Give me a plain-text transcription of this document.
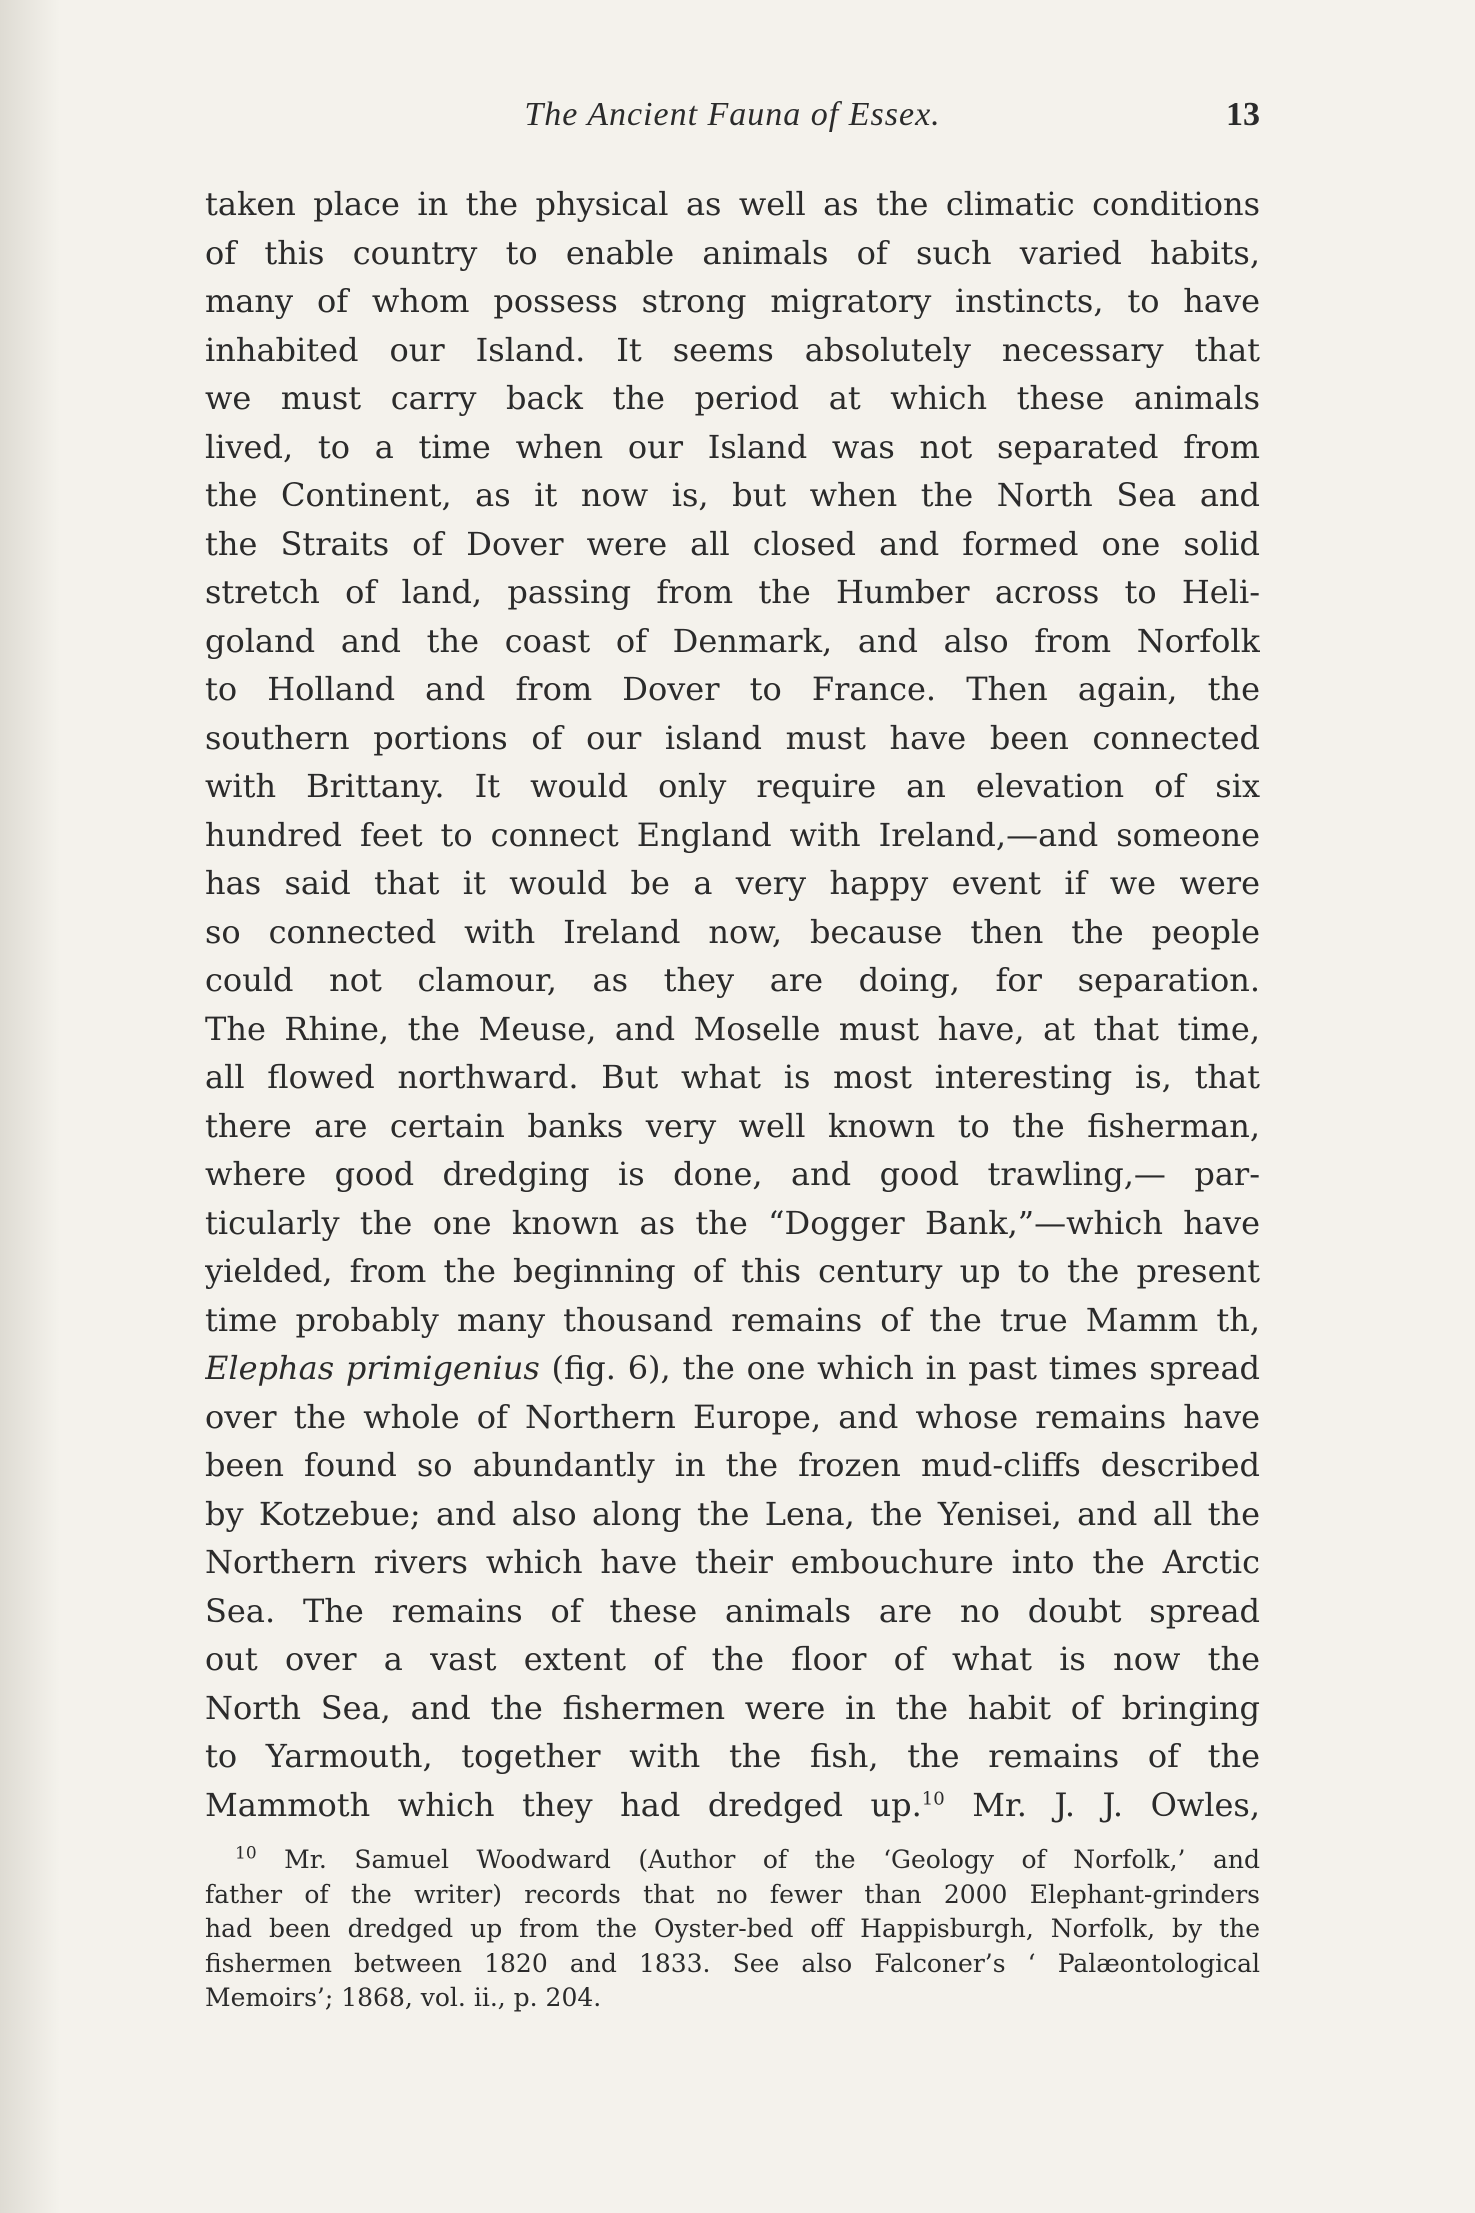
The Ancient Fauna of Essex.	13
taken place in the physical as well as the climatic conditions
of this country to enable animals of such varied habits,
many of whom possess strong migratory instincts, to have
inhabited our Island. It seems absolutely necessary that
we must carry back the period at which these animals
lived, to a time when our Island was not separated from
the Continent, as it now is, but when the North Sea and
the Straits of Dover were all closed and formed one solid
stretch of land, passing from the Humber across to Heli-
goland and the coast of Denmark, and also from Norfolk
to Holland and from Dover to France. Then again, the
southern portions of our island must have been connected
with Brittany. It would only require an elevation of six
hundred feet to connect England with Ireland,—and someone
has said that it would be a very happy event if we were
so connected with Ireland now, because then the people
could not clamour, as they are doing, for separation.
The Rhine, the Meuse, and Moselle must have, at that time,
all flowed northward. But what is most interesting is, that
there are certain banks very well known to the fisherman,
where good dredging is done, and good trawling,— par-
ticularly the one known as the “Dogger Bank,”—which have
yielded, from the beginning of this century up to the present
time probably many thousand remains of the true Mamm th,
Elephas primigenius (fig. 6), the one which in past times spread
over the whole of Northern Europe, and whose remains have
been found so abundantly in the frozen mud-cliffs described
by Kotzebue; and also along the Lena, the Yenisei, and all the
Northern rivers which have their embouchure into the Arctic
Sea. The remains of these animals are no doubt spread
out over a vast extent of the floor of what is now the
North Sea, and the fishermen were in the habit of bringing
to Yarmouth, together with the fish, the remains of the
Mammoth which they had dredged up.$^{10}$ Mr. J. J. Owles,
$^{10}$ Mr. Samuel Woodward (Author of the ‘Geology of Norfolk,’ and
father of the writer) records that no fewer than 2000 Elephant-grinders
had been dredged up from the Oyster-bed off Happisburgh, Norfolk, by the
fishermen between 1820 and 1833. See also Falconer’s ‘ Palæontological
Memoirs’; 1868, vol. ii., p. 204.
